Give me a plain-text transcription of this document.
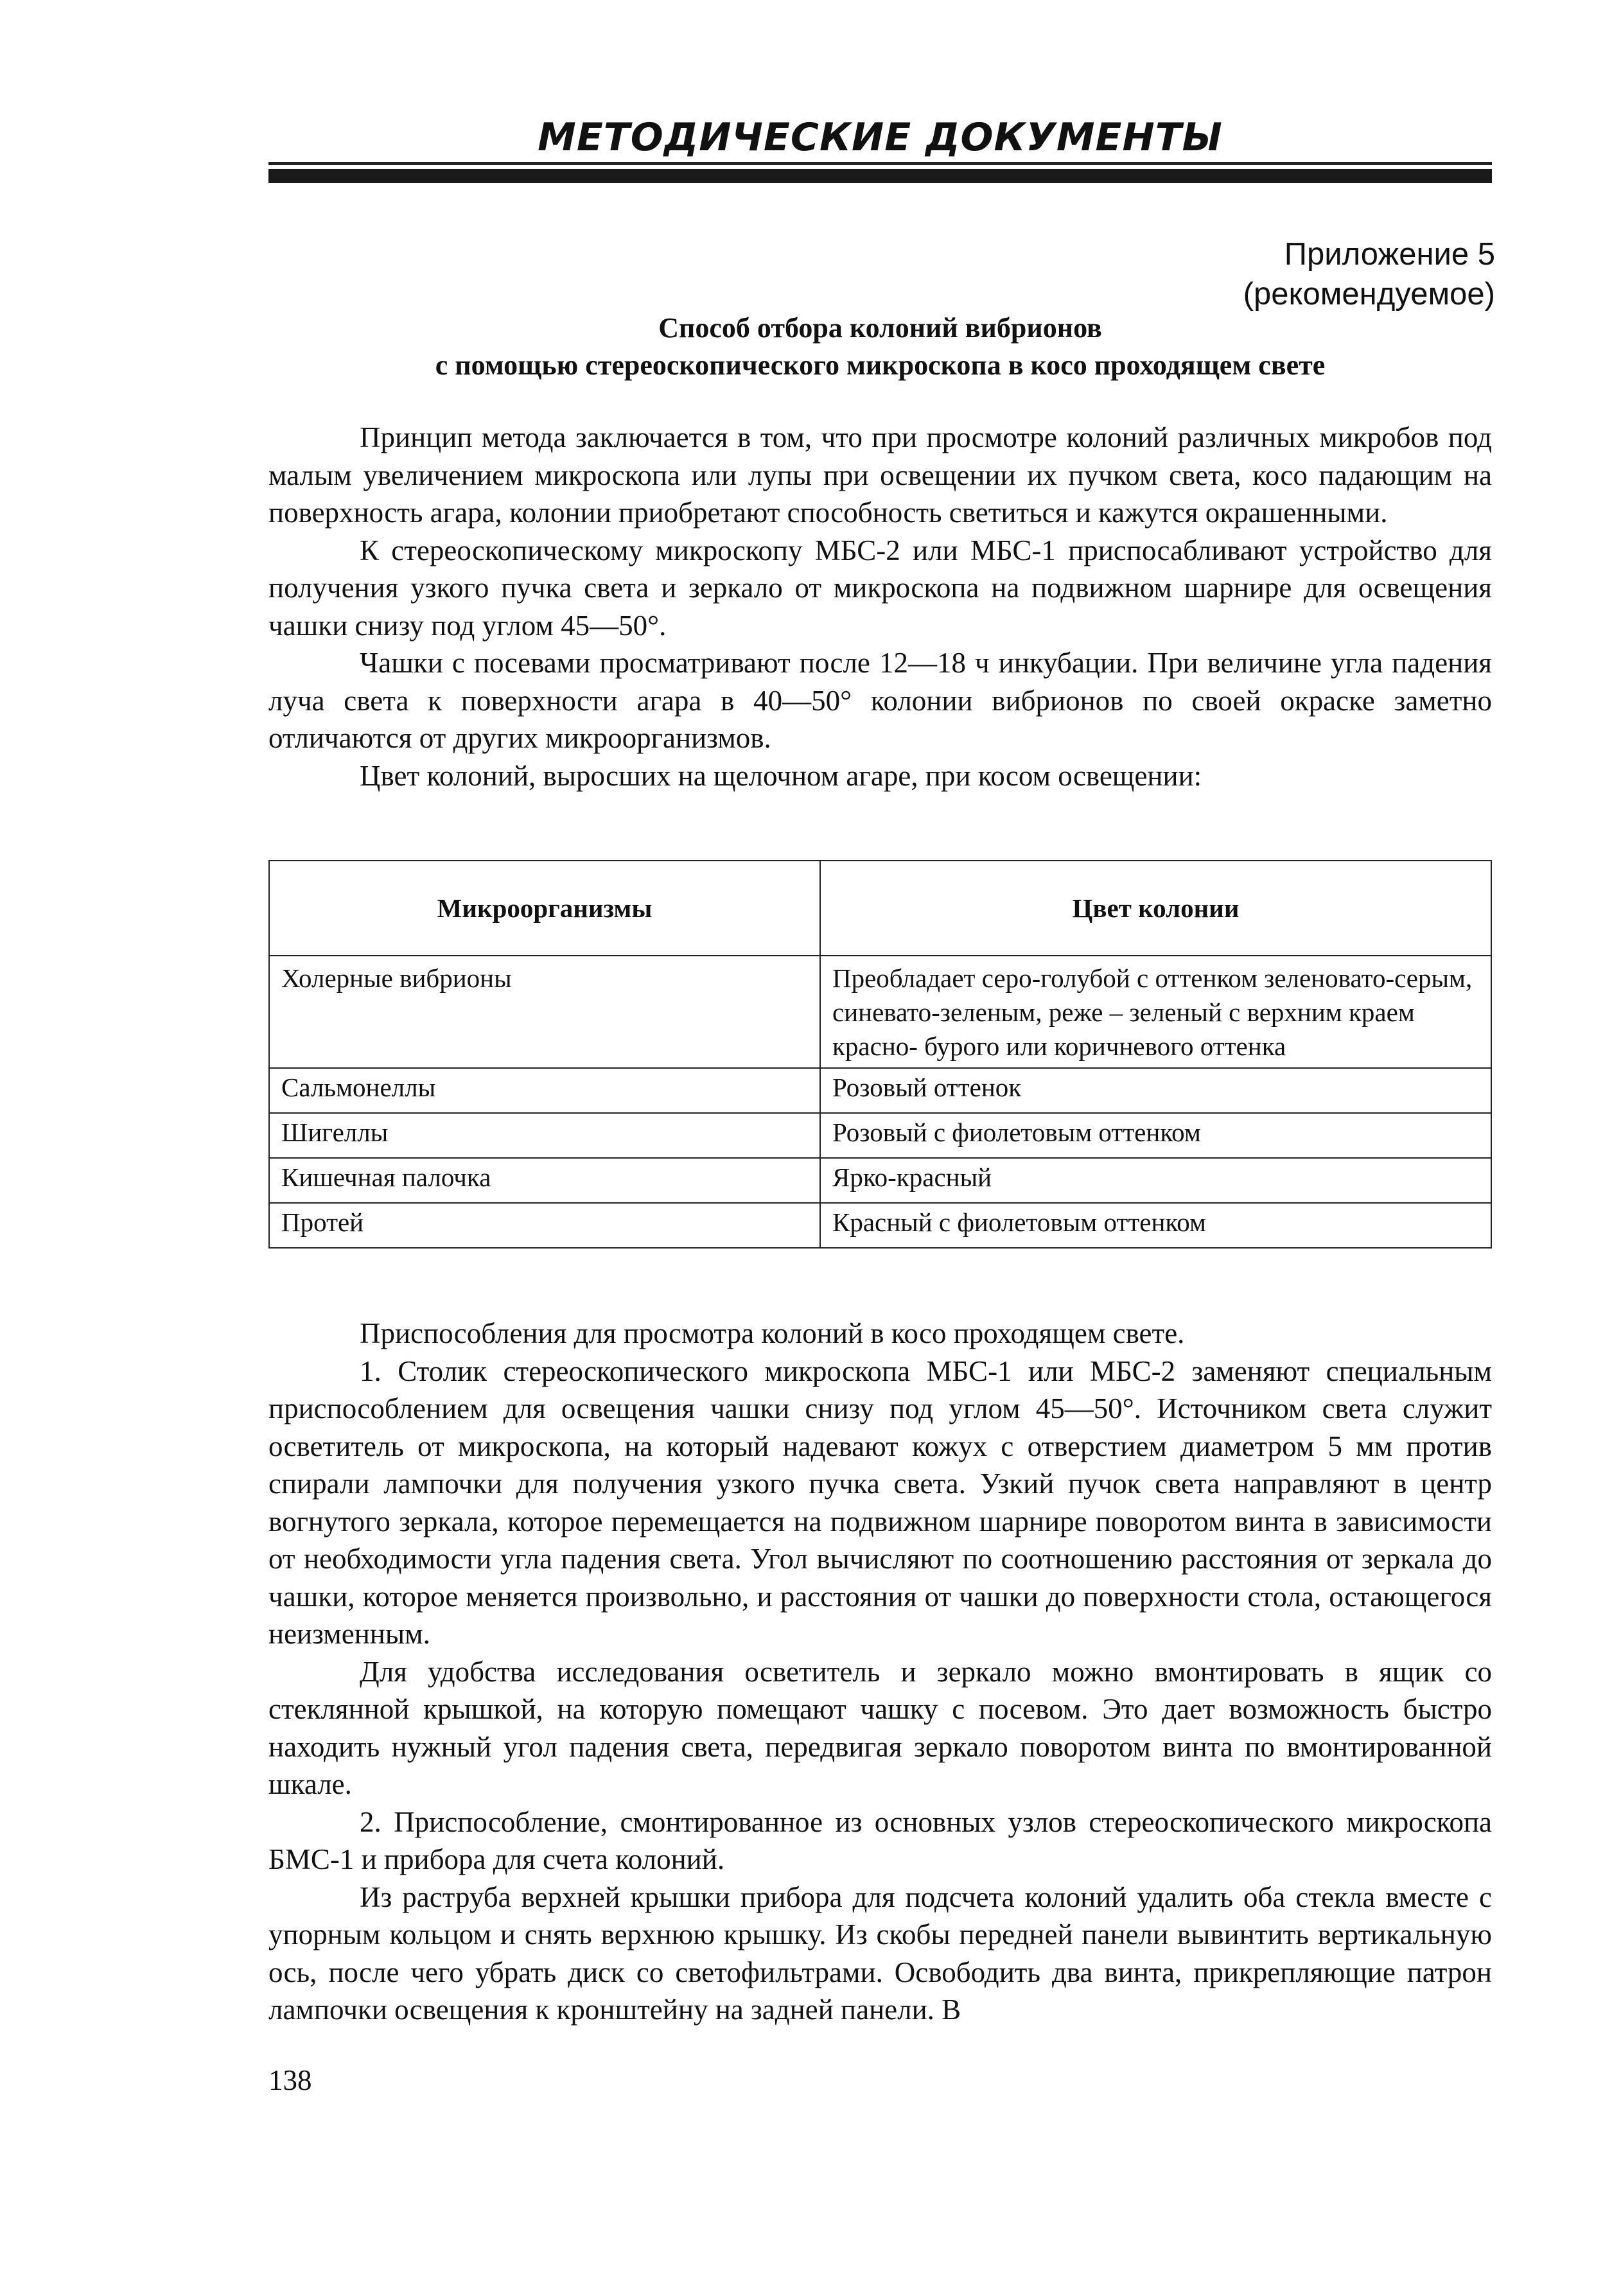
МЕТОДИЧЕСКИЕ ДОКУМЕНТЫ
Приложение 5
(рекомендуемое)
Способ отбора колоний вибрионов
с помощью стереоскопического микроскопа в косо проходящем свете

Принцип метода заключается в том, что при просмотре колоний различных микробов под малым увеличением микроскопа или лупы при освещении их пучком света, косо падающим на поверхность агара, колонии приобретают способность светиться и кажутся окрашенными.

К стереоскопическому микроскопу МБС-2 или МБС-1 приспосабливают устройство для получения узкого пучка света и зеркало от микроскопа на подвижном шарнире для освещения чашки снизу под углом 45—50°.

Чашки с посевами просматривают после 12—18 ч инкубации. При величине угла падения луча света к поверхности агара в 40—50° колонии вибрионов по своей окраске заметно отличаются от других микроорганизмов.

Цвет колоний, выросших на щелочном агаре, при косом освещении:

Микроорганизмы	Цвет колонии
Холерные вибрионы	Преобладает серо-голубой с оттенком зеленовато-серым, синевато-зеленым, реже – зеленый с верхним краем красно- бурого или коричневого оттенка
Сальмонеллы	Розовый оттенок
Шигеллы	Розовый с фиолетовым оттенком
Кишечная палочка	Ярко-красный
Протей	Красный с фиолетовым оттенком

Приспособления для просмотра колоний в косо проходящем свете.

1. Столик стереоскопического микроскопа МБС-1 или МБС-2 заменяют специальным приспособлением для освещения чашки снизу под углом 45—50°. Источником света служит осветитель от микроскопа, на который надевают кожух с отверстием диаметром 5 мм против спирали лампочки для получения узкого пучка света. Узкий пучок света направляют в центр вогнутого зеркала, которое перемещается на подвижном шарнире поворотом винта в зависимости от необходимости угла падения света. Угол вычисляют по соотношению расстояния от зеркала до чашки, которое меняется произвольно, и расстояния от чашки до поверхности стола, остающегося неизменным.

Для удобства исследования осветитель и зеркало можно вмонтировать в ящик со стеклянной крышкой, на которую помещают чашку с посевом. Это дает возможность быстро находить нужный угол падения света, передвигая зеркало поворотом винта по вмонтированной шкале.

2. Приспособление, смонтированное из основных узлов стереоскопического микроскопа БМС-1 и прибора для счета колоний.

Из раструба верхней крышки прибора для подсчета колоний удалить оба стекла вместе с упорным кольцом и снять верхнюю крышку. Из скобы передней панели вывинтить вертикальную ось, после чего убрать диск со светофильтрами. Освободить два винта, прикрепляющие патрон лампочки освещения к кронштейну на задней панели. В

138
